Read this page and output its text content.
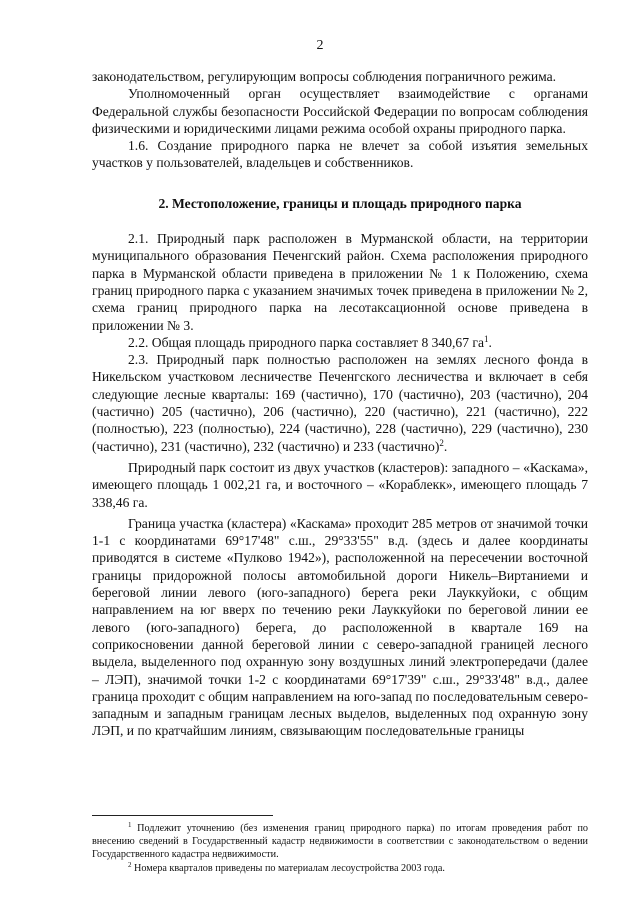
2

законодательством, регулирующим вопросы соблюдения пограничного режима.

Уполномоченный орган осуществляет взаимодействие с органами Федеральной службы безопасности Российской Федерации по вопросам соблюдения физическими и юридическими лицами режима особой охраны природного парка.

1.6. Создание природного парка не влечет за собой изъятия земельных участков у пользователей, владельцев и собственников.

2. Местоположение, границы и площадь природного парка

2.1. Природный парк расположен в Мурманской области, на территории муниципального образования Печенгский район. Схема расположения природного парка в Мурманской области приведена в приложении № 1 к Положению, схема границ природного парка с указанием значимых точек приведена в приложении № 2, схема границ природного парка на лесотаксационной основе приведена в приложении № 3.

2.2. Общая площадь природного парка составляет 8 340,67 $га^1$.

2.3. Природный парк полностью расположен на землях лесного фонда в Никельском участковом лесничестве Печенгского лесничества и включает в себя следующие лесные кварталы: 169 (частично), 170 (частично), 203 (частично), 204 (частично) 205 (частично), 206 (частично), 220 (частично), 221 (частично), 222 (полностью), 223 (полностью), 224 (частично), 228 (частично), 229 (частично), 230 (частично), 231 (частично), 232 (частично) и 233 (частично)$^2$.

Природный парк состоит из двух участков (кластеров): западного – «Каскама», имеющего площадь 1 002,21 га, и восточного – «Кораблекк», имеющего площадь 7 338,46 га.

Граница участка (кластера) «Каскама» проходит 285 метров от значимой точки 1-1 с координатами 69°17'48" с.ш., 29°33'55" в.д. (здесь и далее координаты приводятся в системе «Пулково 1942»), расположенной на пересечении восточной границы придорожной полосы автомобильной дороги Никель–Виртаниеми и береговой линии левого (юго-западного) берега реки Лауккуйоки, с общим направлением на юг вверх по течению реки Лауккуйоки по береговой линии ее левого (юго-западного) берега, до расположенной в квартале 169 на соприкосновении данной береговой линии с северо-западной границей лесного выдела, выделенного под охранную зону воздушных линий электропередачи (далее – ЛЭП), значимой точки 1-2 с координатами 69°17'39" с.ш., 29°33'48" в.д., далее граница проходит с общим направлением на юго-запад по последовательным северо-западным и западным границам лесных выделов, выделенных под охранную зону ЛЭП, и по кратчайшим линиям, связывающим последовательные границы

$^1$ Подлежит уточнению (без изменения границ природного парка) по итогам проведения работ по внесению сведений в Государственный кадастр недвижимости в соответствии с законодательством о ведении Государственного кадастра недвижимости.

$^2$ Номера кварталов приведены по материалам лесоустройства 2003 года.
